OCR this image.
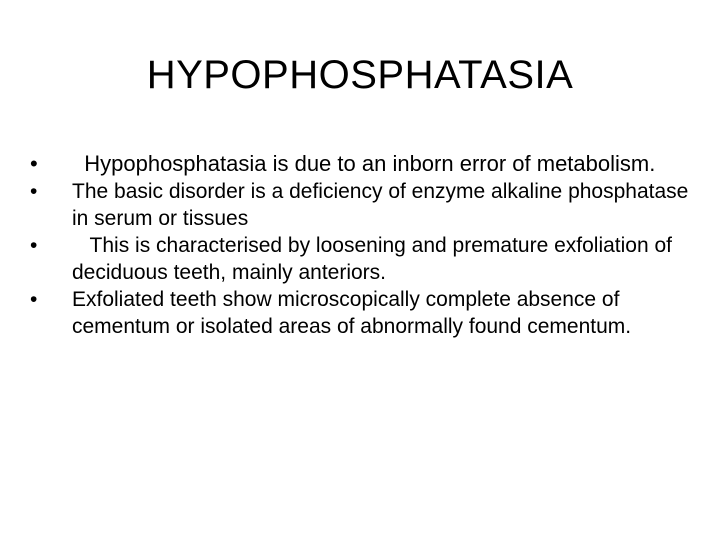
HYPOPHOSPHATASIA
•	Hypophosphatasia is due to an inborn error of metabolism.
•	The basic disorder is a deficiency of enzyme alkaline phosphatase in serum or tissues
•	This is characterised by loosening and premature exfoliation of  deciduous teeth, mainly anteriors.
•	Exfoliated teeth show microscopically complete absence of cementum or isolated areas of abnormally found cementum.
